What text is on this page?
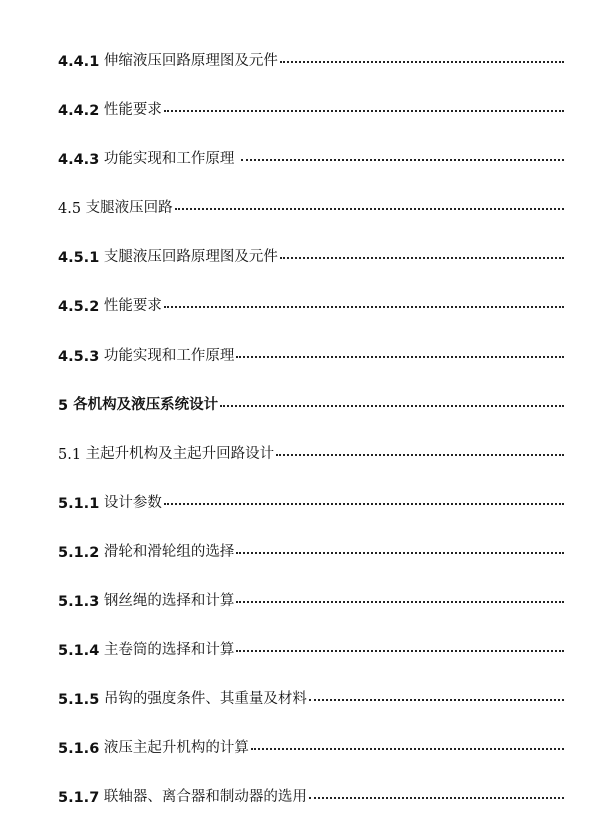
4.4.1
伸缩液压回路原理图及元件
4.4.2
性能要求
4.4.3
功能实现和工作原理
4.5
支腿液压回路
4.5.1
支腿液压回路原理图及元件
4.5.2
性能要求
4.5.3
功能实现和工作原理
5
各机构及液压系统设计
5.1
主起升机构及主起升回路设计
5.1.1
设计参数
5.1.2
滑轮和滑轮组的选择
5.1.3
钢丝绳的选择和计算
5.1.4
主卷筒的选择和计算
5.1.5
吊钩的强度条件、其重量及材料
5.1.6
液压主起升机构的计算
5.1.7
联轴器、离合器和制动器的选用
